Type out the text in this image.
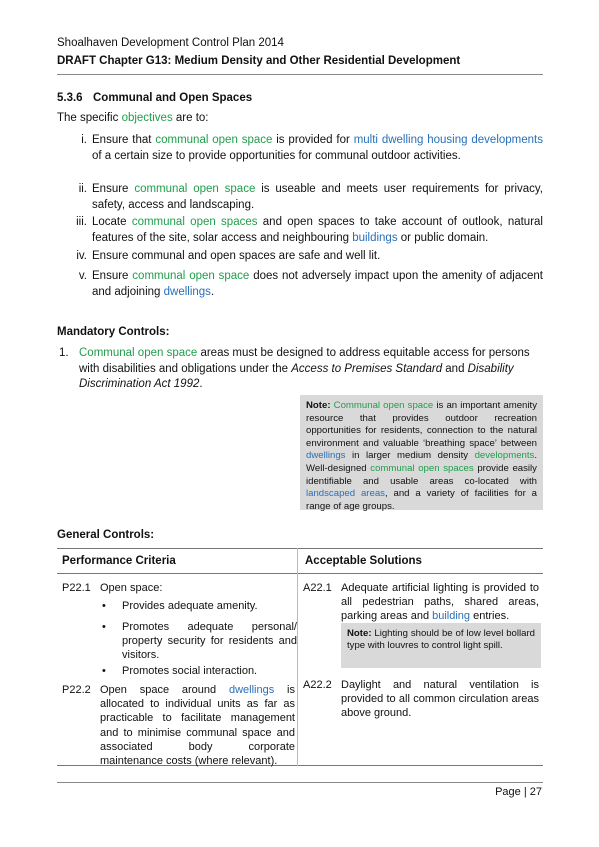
Shoalhaven Development Control Plan 2014
DRAFT Chapter G13: Medium Density and Other Residential Development
5.3.6 Communal and Open Spaces
The specific objectives are to:
i. Ensure that communal open space is provided for multi dwelling housing developments of a certain size to provide opportunities for communal outdoor activities.
ii. Ensure communal open space is useable and meets user requirements for privacy, safety, access and landscaping.
iii. Locate communal open spaces and open spaces to take account of outlook, natural features of the site, solar access and neighbouring buildings or public domain.
iv. Ensure communal and open spaces are safe and well lit.
v. Ensure communal open space does not adversely impact upon the amenity of adjacent and adjoining dwellings.
Mandatory Controls:
1. Communal open space areas must be designed to address equitable access for persons with disabilities and obligations under the Access to Premises Standard and Disability Discrimination Act 1992.
Note: Communal open space is an important amenity resource that provides outdoor recreation opportunities for residents, connection to the natural environment and valuable ‘breathing space’ between dwellings in larger medium density developments. Well-designed communal open spaces provide easily identifiable and usable areas co-located with landscaped areas, and a variety of facilities for a range of age groups.
General Controls:
Performance Criteria	Acceptable Solutions
P22.1 Open space:
• Provides adequate amenity.
• Promotes adequate personal/ property security for residents and visitors.
• Promotes social interaction.
P22.2 Open space around dwellings is allocated to individual units as far as practicable to facilitate management and to minimise communal space and associated body corporate maintenance costs (where relevant).
A22.1 Adequate artificial lighting is provided to all pedestrian paths, shared areas, parking areas and building entries.
Note: Lighting should be of low level bollard type with louvres to control light spill.
A22.2 Daylight and natural ventilation is provided to all common circulation areas above ground.
Page | 27
